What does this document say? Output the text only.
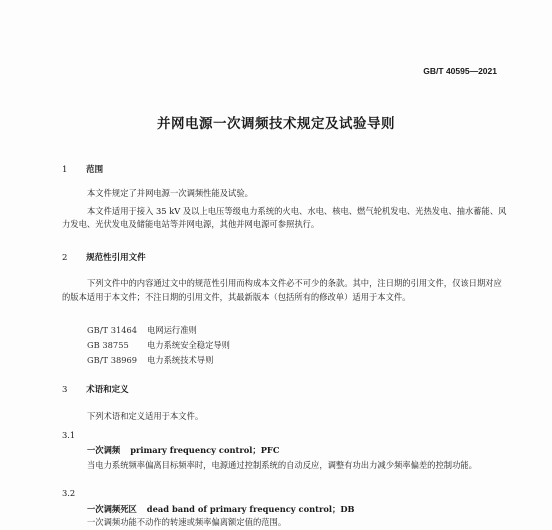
GB/T 40595—2021
并网电源一次调频技术规定及试验导则
1 范围
本文件规定了并网电源一次调频性能及试验。
本文件适用于接入 35 kV 及以上电压等级电力系统的火电、水电、核电、燃气轮机发电、光热发电、抽水蓄能、风力发电、光伏发电及储能电站等并网电源，其他并网电源可参照执行。
2 规范性引用文件
下列文件中的内容通过文中的规范性引用而构成本文件必不可少的条款。其中，注日期的引用文件，仅该日期对应的版本适用于本文件；不注日期的引用文件，其最新版本（包括所有的修改单）适用于本文件。
GB/T 31464 电网运行准则
GB 38755 电力系统安全稳定导则
GB/T 38969 电力系统技术导则
3 术语和定义
下列术语和定义适用于本文件。
3.1
一次调频 primary frequency control；PFC
当电力系统频率偏离目标频率时，电源通过控制系统的自动反应，调整有功出力减少频率偏差的控制功能。
3.2
一次调频死区 dead band of primary frequency control；DB
一次调频功能不动作的转速或频率偏离额定值的范围。
